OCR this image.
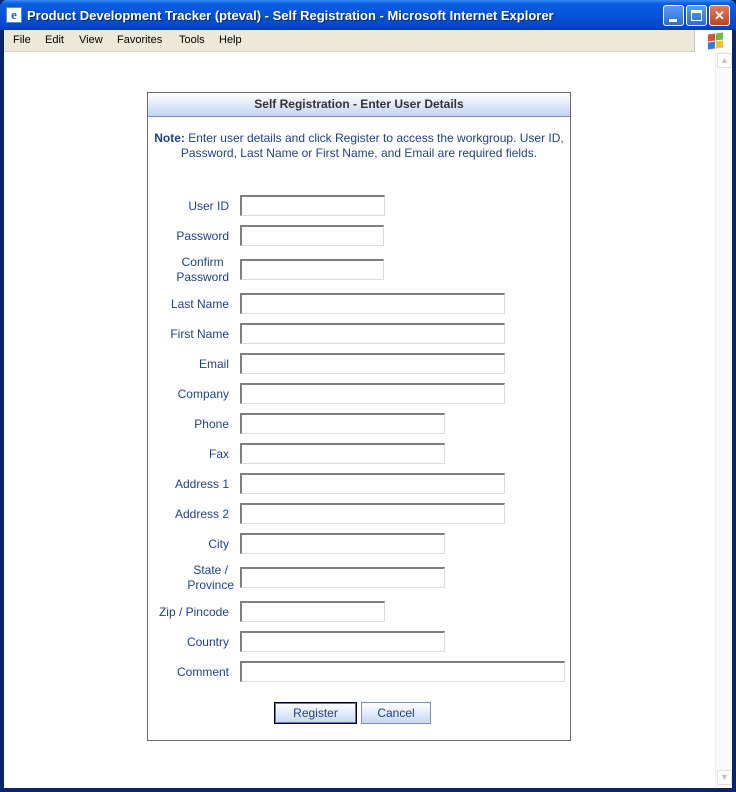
e Product Development Tracker (pteval) - Self Registration - Microsoft Internet Explorer	✕
File Edit View Favorites Tools Help
▲
▼
Self Registration - Enter User Details
Note: Enter user details and click Register to access the workgroup. User ID, Password, Last Name or First Name, and Email are required fields.
User ID
Password
Confirm
Password
Last Name
First Name
Email
Company
Phone
Fax
Address 1
Address 2
City
State /
Province
Zip / Pincode
Country
Comment
Register	Cancel
